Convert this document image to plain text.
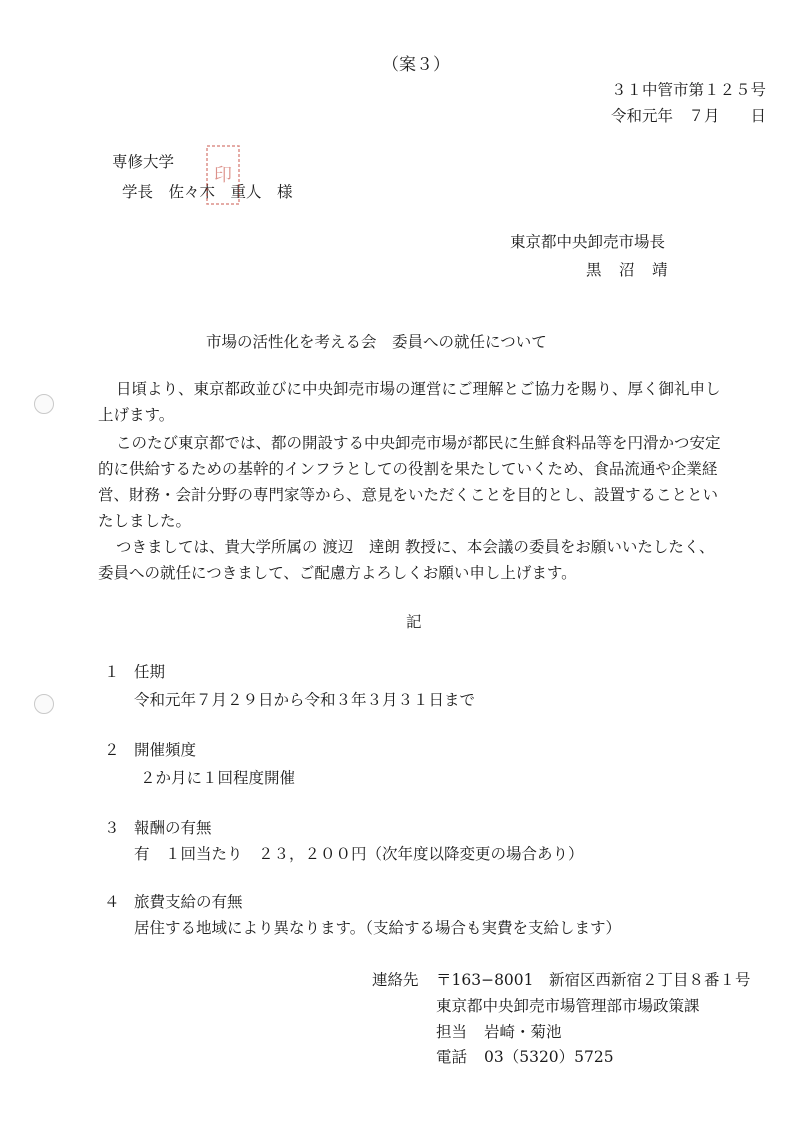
（案３）
３１中管市第１２５号
令和元年　７月　　日
専修大学
学長　佐々木　重人　様
印
東京都中央卸売市場長
黒　沼　靖
市場の活性化を考える会　委員への就任について
日頃より、東京都政並びに中央卸売市場の運営にご理解とご協力を賜り、厚く御礼申し
上げます。
このたび東京都では、都の開設する中央卸売市場が都民に生鮮食料品等を円滑かつ安定
的に供給するための基幹的インフラとしての役割を果たしていくため、食品流通や企業経
営、財務・会計分野の専門家等から、意見をいただくことを目的とし、設置することとい
たしました。
つきましては、貴大学所属の 渡辺　達朗 教授に、本会議の委員をお願いいたしたく、
委員への就任につきまして、ご配慮方よろしくお願い申し上げます。
記
１ 任期
令和元年７月２９日から令和３年３月３１日まで
２ 開催頻度
２か月に１回程度開催
３ 報酬の有無
有　１回当たり　２３，２００円（次年度以降変更の場合あり）
４ 旅費支給の有無
居住する地域により異なります。（支給する場合も実費を支給します）
連絡先 〒163−8001　新宿区西新宿２丁目８番１号
東京都中央卸売市場管理部市場政策課
担当 岩崎・菊池
電話 03（5320）5725
